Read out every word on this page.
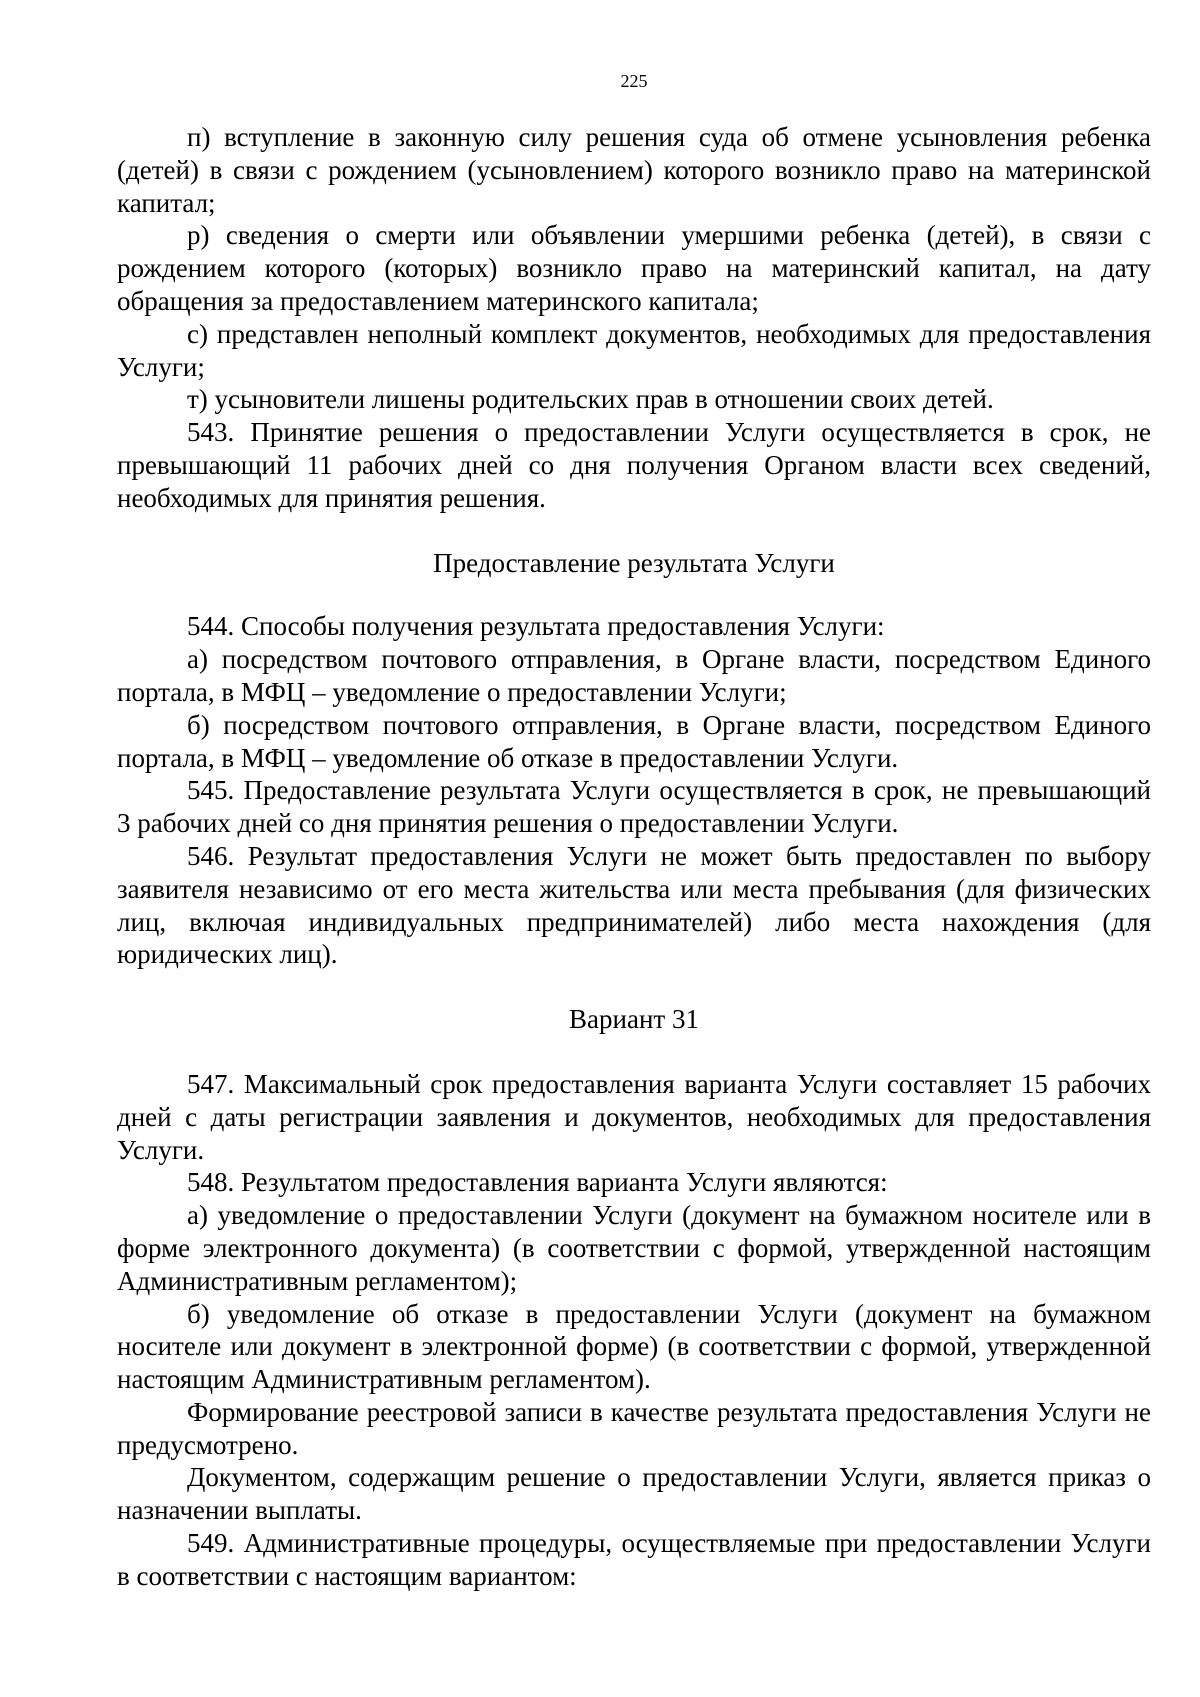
225

п) вступление в законную силу решения суда об отмене усыновления ребенка (детей) в связи с рождением (усыновлением) которого возникло право на материнской капитал;

р) сведения о смерти или объявлении умершими ребенка (детей), в связи с рождением которого (которых) возникло право на материнский капитал, на дату обращения за предоставлением материнского капитала;

с) представлен неполный комплект документов, необходимых для предоставления Услуги;

т) усыновители лишены родительских прав в отношении своих детей.

543. Принятие решения о предоставлении Услуги осуществляется в срок, не превышающий 11 рабочих дней со дня получения Органом власти всех сведений, необходимых для принятия решения.

Предоставление результата Услуги

544. Способы получения результата предоставления Услуги:

а) посредством почтового отправления, в Органе власти, посредством Единого портала, в МФЦ – уведомление о предоставлении Услуги;

б) посредством почтового отправления, в Органе власти, посредством Единого портала, в МФЦ – уведомление об отказе в предоставлении Услуги.

545. Предоставление результата Услуги осуществляется в срок, не превышающий 3 рабочих дней со дня принятия решения о предоставлении Услуги.

546. Результат предоставления Услуги не может быть предоставлен по выбору заявителя независимо от его места жительства или места пребывания (для физических лиц, включая индивидуальных предпринимателей) либо места нахождения (для юридических лиц).

Вариант 31

547. Максимальный срок предоставления варианта Услуги составляет 15 рабочих дней с даты регистрации заявления и документов, необходимых для предоставления Услуги.

548. Результатом предоставления варианта Услуги являются:

а) уведомление о предоставлении Услуги (документ на бумажном носителе или в форме электронного документа) (в соответствии с формой, утвержденной настоящим Административным регламентом);

б) уведомление об отказе в предоставлении Услуги (документ на бумажном носителе или документ в электронной форме) (в соответствии с формой, утвержденной настоящим Административным регламентом).

Формирование реестровой записи в качестве результата предоставления Услуги не предусмотрено.

Документом, содержащим решение о предоставлении Услуги, является приказ о назначении выплаты.

549. Административные процедуры, осуществляемые при предоставлении Услуги в соответствии с настоящим вариантом:
